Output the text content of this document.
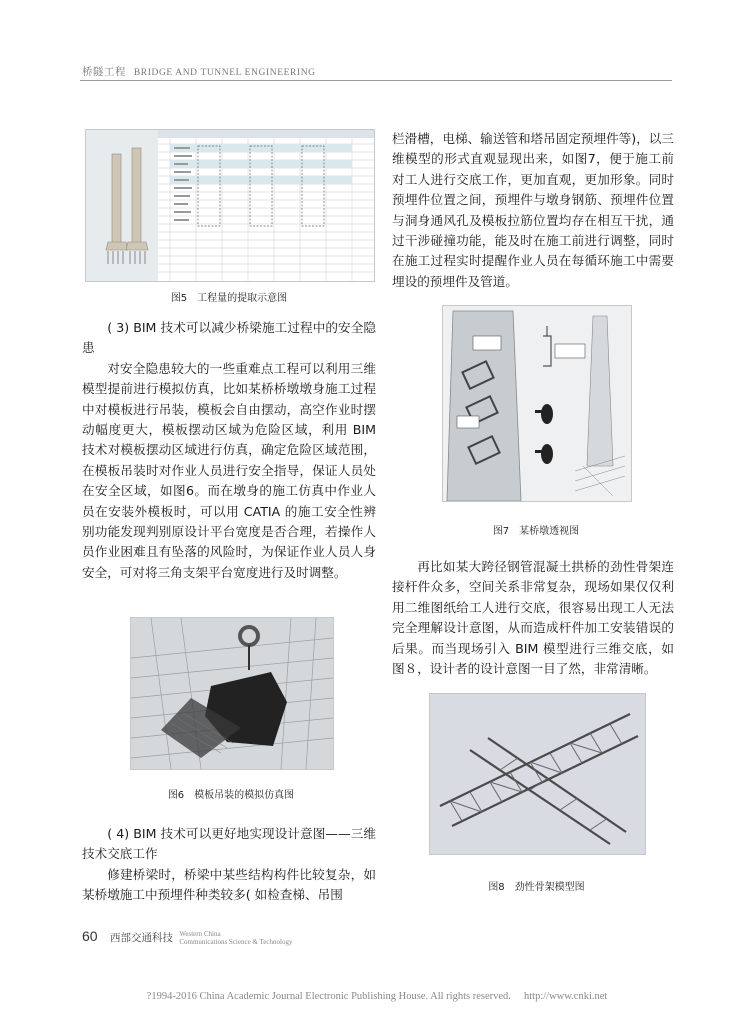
桥隧工程 BRIDGE AND TUNNEL ENGINEERING
图5　工程量的提取示意图

( 3) BIM 技术可以减少桥梁施工过程中的安全隐患

对安全隐患较大的一些重难点工程可以利用三维模型提前进行模拟仿真，比如某桥桥墩墩身施工过程中对模板进行吊装，模板会自由摆动，高空作业时摆动幅度更大，模板摆动区域为危险区域，利用 BIM 技术对模板摆动区域进行仿真，确定危险区域范围，在模板吊装时对作业人员进行安全指导，保证人员处在安全区域，如图6。而在墩身的施工仿真中作业人员在安装外模板时，可以用 CATIA 的施工安全性辨别功能发现判别原设计平台宽度是否合理，若操作人员作业困难且有坠落的风险时，为保证作业人员人身安全，可对将三角支架平台宽度进行及时调整。

图6　模板吊装的模拟仿真图

( 4) BIM 技术可以更好地实现设计意图——三维技术交底工作

修建桥梁时，桥梁中某些结构构件比较复杂，如某桥墩施工中预埋件种类较多( 如检查梯、吊围

栏滑槽，电梯、输送管和塔吊固定预埋件等)，以三维模型的形式直观显现出来，如图7，便于施工前对工人进行交底工作，更加直观，更加形象。同时预埋件位置之间，预埋件与墩身钢筋、预埋件位置与洞身通风孔及模板拉筋位置均存在相互干扰，通过干涉碰撞功能，能及时在施工前进行调整，同时在施工过程实时提醒作业人员在每循环施工中需要埋设的预埋件及管道。

图7　某桥墩透视图

再比如某大跨径钢管混凝土拱桥的劲性骨架连接杆件众多，空间关系非常复杂，现场如果仅仅利用二维图纸给工人进行交底，很容易出现工人无法完全理解设计意图，从而造成杆件加工安装错误的后果。而当现场引入 BIM 模型进行三维交底，如图８，设计者的设计意图一目了然，非常清晰。

图8　劲性骨架模型图
60 西部交通科技 Western China
Communications Science & Technology
?1994-2016 China Academic Journal Electronic Publishing House. All rights reserved.　 http://www.cnki.net
